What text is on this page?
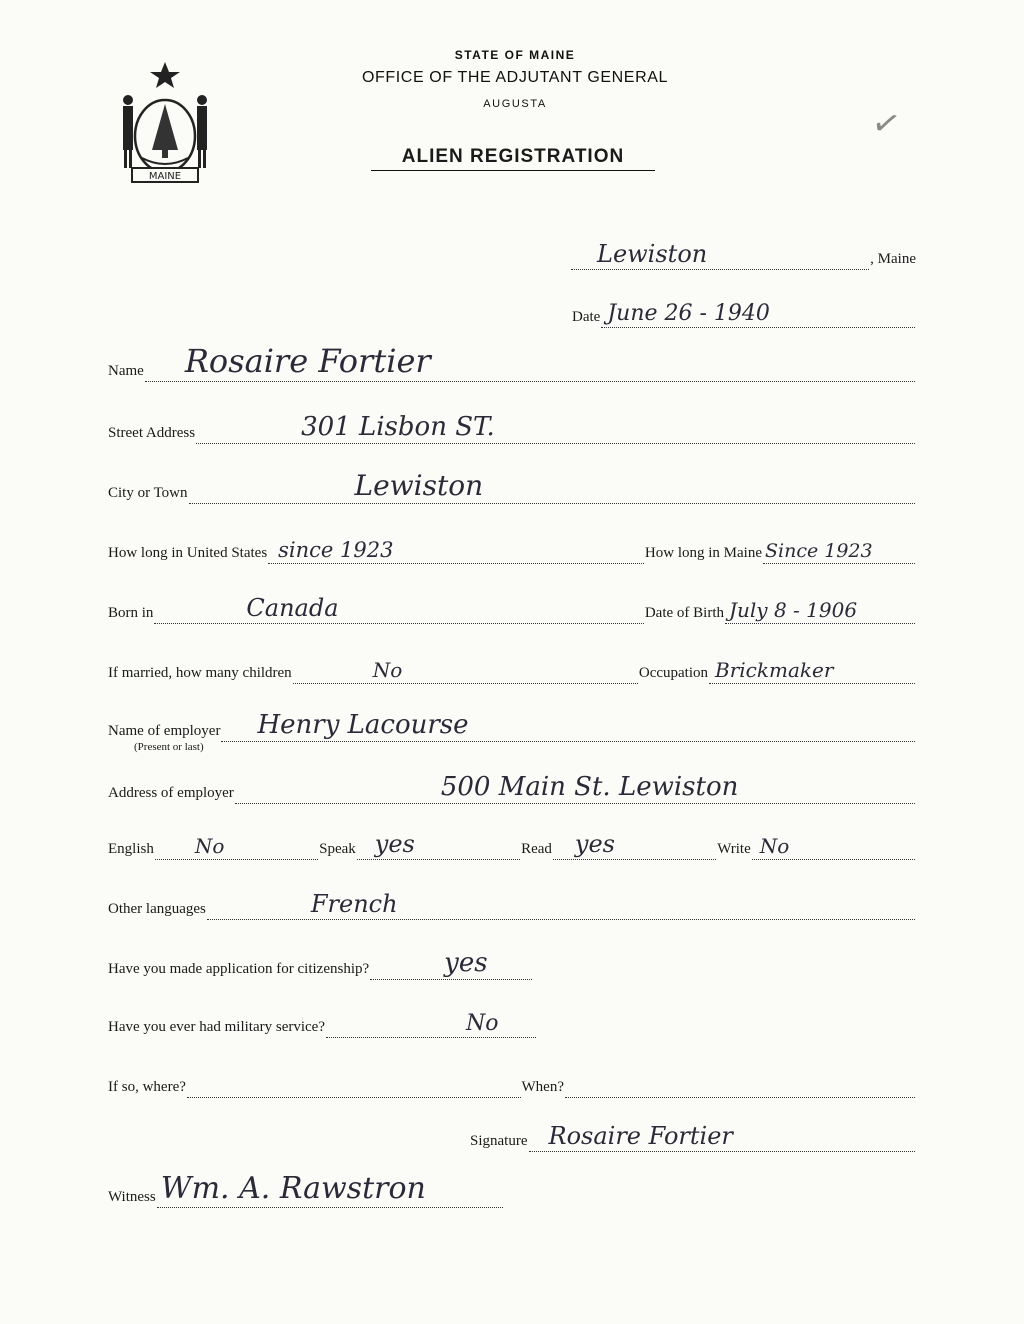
MAINE
STATE OF MAINE
OFFICE OF THE ADJUTANT GENERAL
AUGUSTA
ALIEN REGISTRATION
✓
Lewiston	, Maine
Date June 26 - 1940
Name Rosaire Fortier
Street Address	301 Lisbon ST.
City or Town	Lewiston
How long in United States since 1923	How long in Maine Since 1923
Born in	Canada	Date of Birth July 8 - 1906
If married, how many children	No	Occupation Brickmaker
Name of employer Henry Lacourse
(Present or last)
Address of employer	500 Main St. Lewiston
English No	Speak yes	Read yes	Write No
Other languages	French
Have you made application for citizenship?	yes
Have you ever had military service?	No
If so, where?	When?
Signature Rosaire Fortier
Witness Wm. A. Rawstron
